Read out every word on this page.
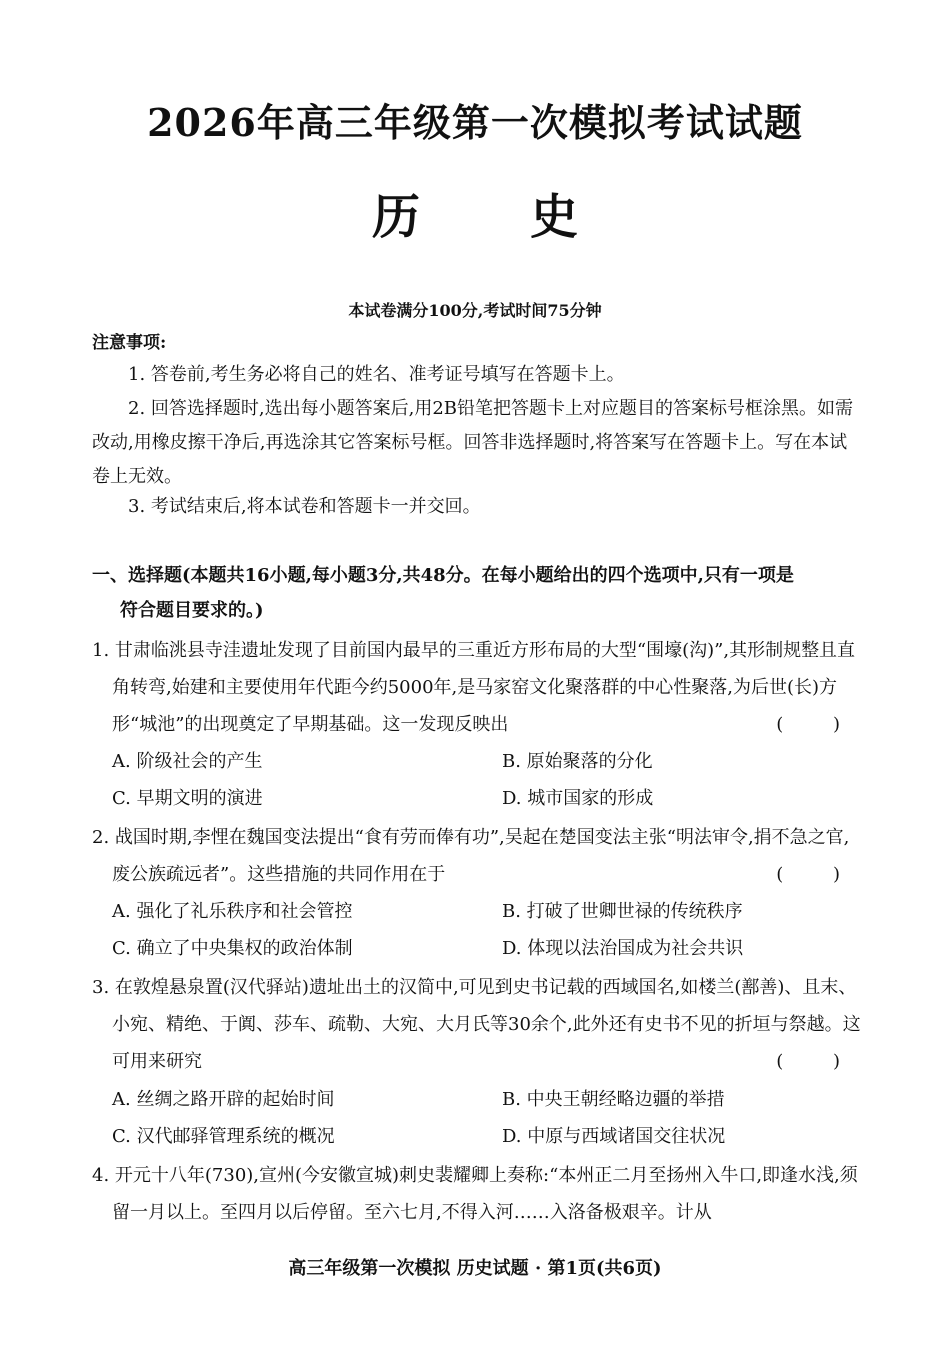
2026年高三年级第一次模拟考试试题
历史
本试卷满分100分,考试时间75分钟
注意事项:
1. 答卷前,考生务必将自己的姓名、准考证号填写在答题卡上。
2. 回答选择题时,选出每小题答案后,用2B铅笔把答题卡上对应题目的答案标号框涂黑。如需改动,用橡皮擦干净后,再选涂其它答案标号框。回答非选择题时,将答案写在答题卡上。写在本试卷上无效。
3. 考试结束后,将本试卷和答题卡一并交回。
一、选择题(本题共16小题,每小题3分,共48分。在每小题给出的四个选项中,只有一项是
符合题目要求的。)
1. 甘肃临洮县寺洼遗址发现了目前国内最早的三重近方形布局的大型“围壕(沟)”,其形制规整且直角转弯,始建和主要使用年代距今约5000年,是马家窑文化聚落群的中心性聚落,为后世(长)方形“城池”的出现奠定了早期基础。这一发现反映出	( )
A. 阶级社会的产生	B. 原始聚落的分化
C. 早期文明的演进	D. 城市国家的形成
2. 战国时期,李悝在魏国变法提出“食有劳而俸有功”,吴起在楚国变法主张“明法审令,捐不急之官,废公族疏远者”。这些措施的共同作用在于	( )
A. 强化了礼乐秩序和社会管控	B. 打破了世卿世禄的传统秩序
C. 确立了中央集权的政治体制	D. 体现以法治国成为社会共识
3. 在敦煌悬泉置(汉代驿站)遗址出土的汉简中,可见到史书记载的西域国名,如楼兰(鄯善)、且末、小宛、精绝、于阗、莎车、疏勒、大宛、大月氏等30余个,此外还有史书不见的折垣与祭越。这可用来研究	( )
A. 丝绸之路开辟的起始时间	B. 中央王朝经略边疆的举措
C. 汉代邮驿管理系统的概况	D. 中原与西域诸国交往状况
4. 开元十八年(730),宣州(今安徽宣城)刺史裴耀卿上奏称:“本州正二月至扬州入牛口,即逢水浅,须留一月以上。至四月以后停留。至六七月,不得入河……入洛备极艰辛。计从
高三年级第一次模拟 历史试题 · 第1页(共6页)
